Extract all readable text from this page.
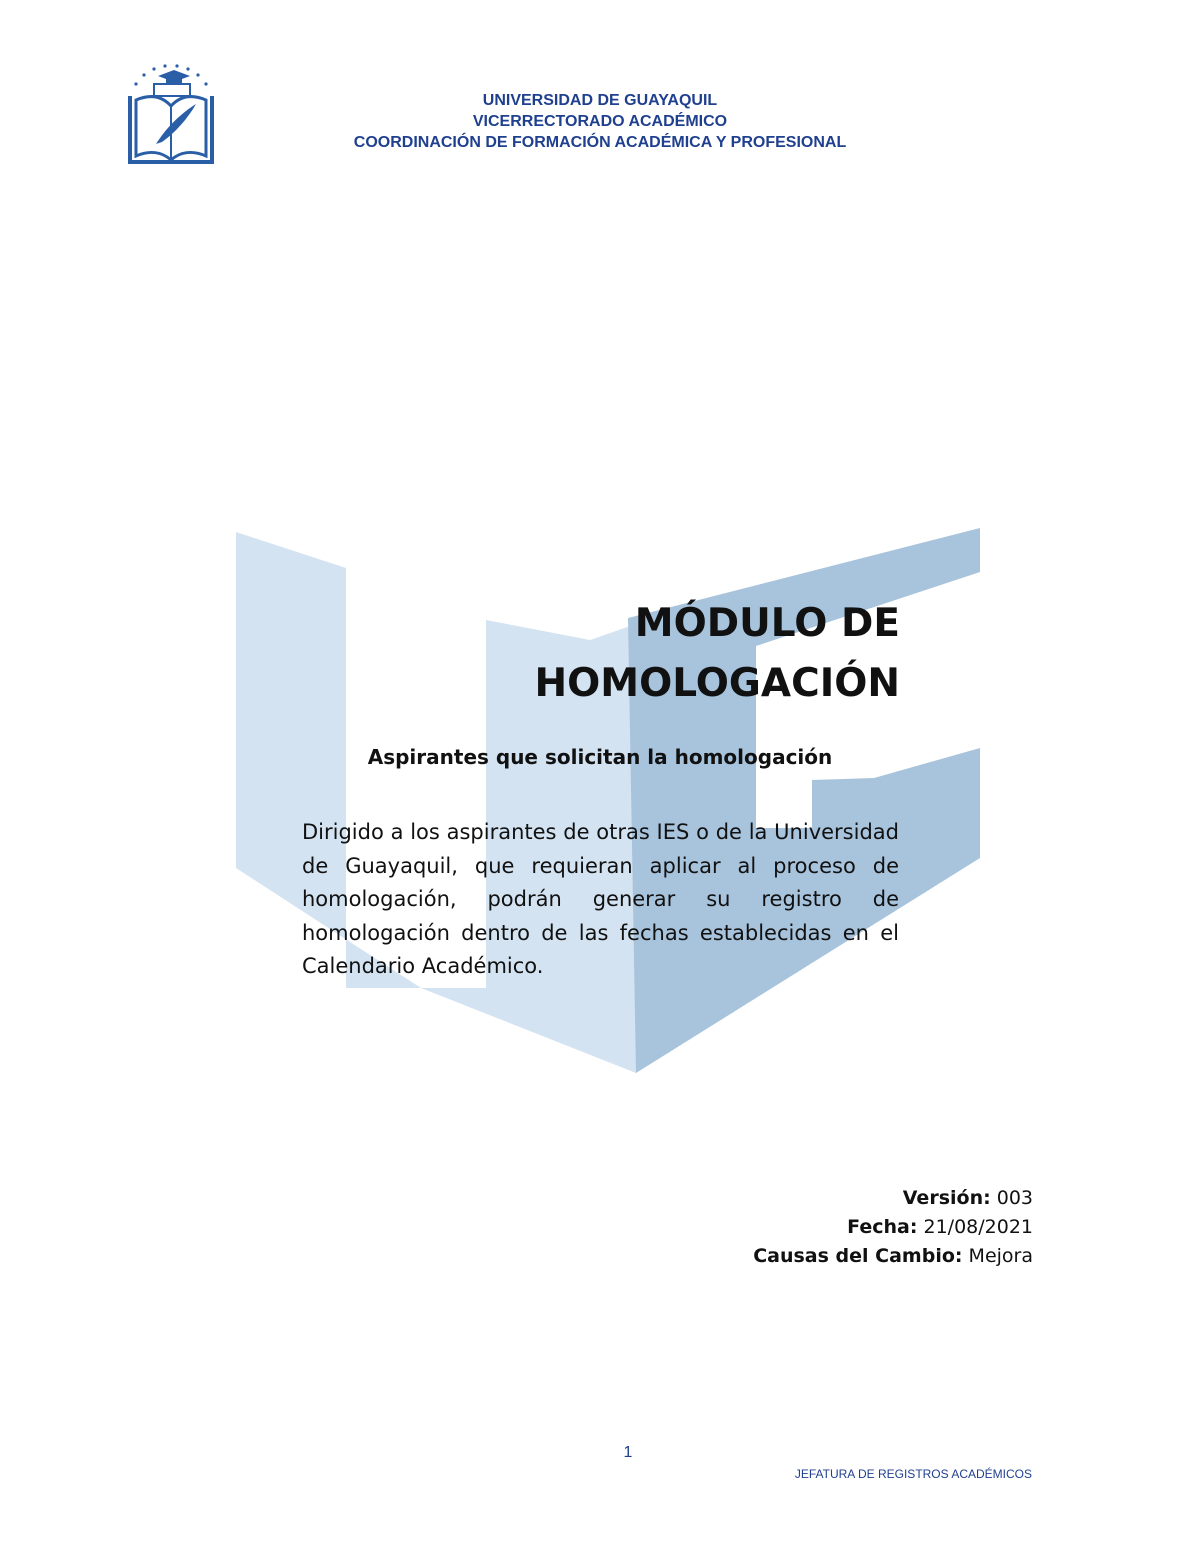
UNIVERSIDAD DE GUAYAQUIL
VICERRECTORADO ACADÉMICO
COORDINACIÓN DE FORMACIÓN ACADÉMICA Y PROFESIONAL
MÓDULO DE
HOMOLOGACIÓN
Aspirantes que solicitan la homologación
Dirigido a los aspirantes de otras IES o de la Universidad de Guayaquil, que requieran aplicar al proceso de homologación, podrán generar su registro de homologación dentro de las fechas establecidas en el Calendario Académico.
Versión: 003
Fecha: 21/08/2021
Causas del Cambio: Mejora
1
JEFATURA DE REGISTROS ACADÉMICOS
